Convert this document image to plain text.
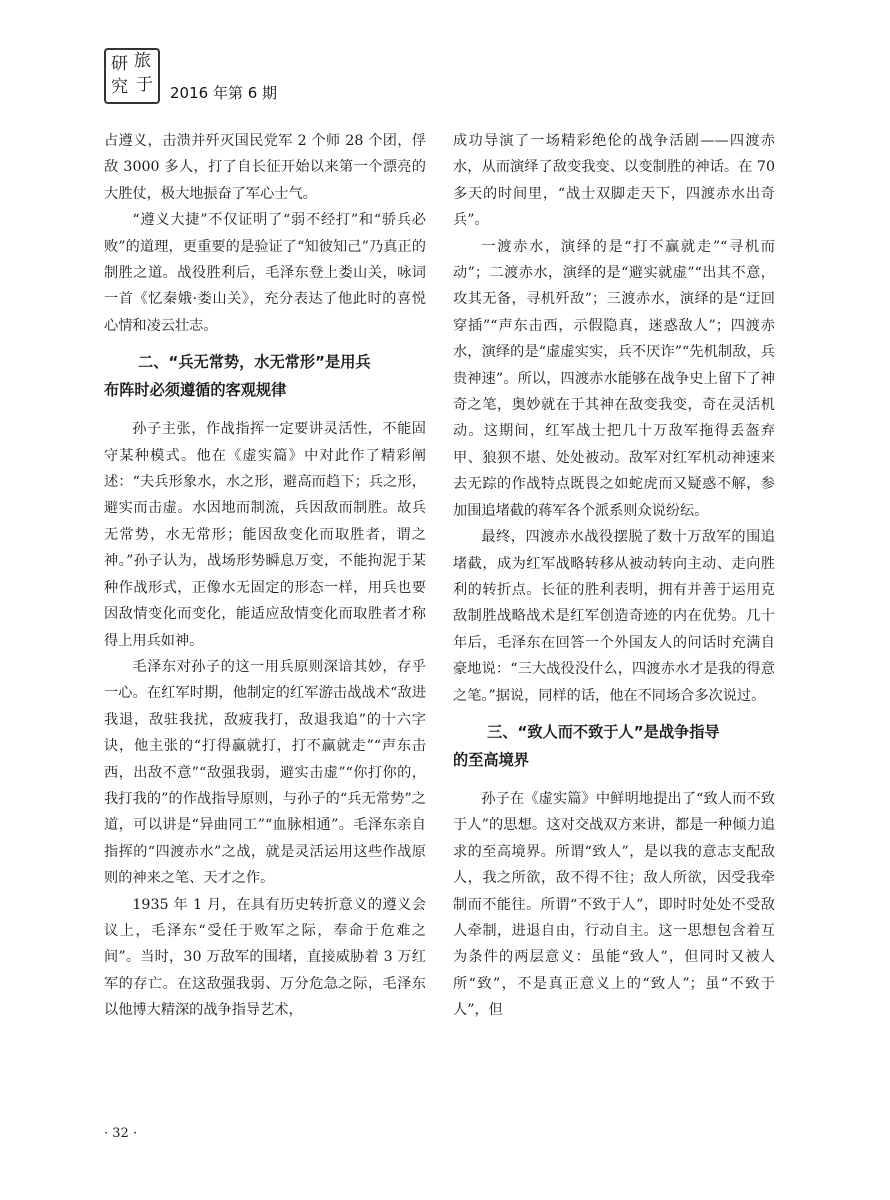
研 旅
究 于 2016 年第 6 期

占遵义，击溃并歼灭国民党军 2 个师 28 个团，俘敌 3000 多人，打了自长征开始以来第一个漂亮的大胜仗，极大地振奋了军心士气。

“遵义大捷”不仅证明了“弱不经打”和“骄兵必败”的道理，更重要的是验证了“知彼知己”乃真正的制胜之道。战役胜利后，毛泽东登上娄山关，咏词一首《忆秦娥·娄山关》，充分表达了他此时的喜悦心情和凌云壮志。

二、“兵无常势，水无常形”是用兵
布阵时必须遵循的客观规律

孙子主张，作战指挥一定要讲灵活性，不能固守某种模式。他在《虚实篇》中对此作了精彩阐述：“夫兵形象水，水之形，避高而趋下；兵之形，避实而击虚。水因地而制流，兵因敌而制胜。故兵无常势，水无常形；能因敌变化而取胜者，谓之神。”孙子认为，战场形势瞬息万变，不能拘泥于某种作战形式，正像水无固定的形态一样，用兵也要因敌情变化而变化，能适应敌情变化而取胜者才称得上用兵如神。

毛泽东对孙子的这一用兵原则深谙其妙，存乎一心。在红军时期，他制定的红军游击战战术“敌进我退，敌驻我扰，敌疲我打，敌退我追”的十六字诀，他主张的“打得赢就打，打不赢就走”“声东击西，出敌不意”“敌强我弱，避实击虚”“你打你的，我打我的”的作战指导原则，与孙子的“兵无常势”之道，可以讲是“异曲同工”“血脉相通”。毛泽东亲自指挥的“四渡赤水”之战，就是灵活运用这些作战原则的神来之笔、天才之作。

1935 年 1 月，在具有历史转折意义的遵义会议上，毛泽东“受任于败军之际，奉命于危难之间”。当时，30 万敌军的围堵，直接威胁着 3 万红军的存亡。在这敌强我弱、万分危急之际，毛泽东以他博大精深的战争指导艺术，

成功导演了一场精彩绝伦的战争活剧——四渡赤水，从而演绎了敌变我变、以变制胜的神话。在 70 多天的时间里，“战士双脚走天下，四渡赤水出奇兵”。

一渡赤水，演绎的是“打不赢就走”“寻机而动”；二渡赤水，演绎的是“避实就虚”“出其不意，攻其无备，寻机歼敌”；三渡赤水，演绎的是“迂回穿插”“声东击西，示假隐真，迷惑敌人”；四渡赤水，演绎的是“虚虚实实，兵不厌诈”“先机制敌，兵贵神速”。所以，四渡赤水能够在战争史上留下了神奇之笔，奥妙就在于其神在敌变我变，奇在灵活机动。这期间，红军战士把几十万敌军拖得丢盔弃甲、狼狈不堪、处处被动。敌军对红军机动神速来去无踪的作战特点既畏之如蛇虎而又疑惑不解，参加围追堵截的蒋军各个派系则众说纷纭。

最终，四渡赤水战役摆脱了数十万敌军的围追堵截，成为红军战略转移从被动转向主动、走向胜利的转折点。长征的胜利表明，拥有并善于运用克敌制胜战略战术是红军创造奇迹的内在优势。几十年后，毛泽东在回答一个外国友人的问话时充满自豪地说：“三大战役没什么，四渡赤水才是我的得意之笔。”据说，同样的话，他在不同场合多次说过。

三、“致人而不致于人”是战争指导
的至高境界

孙子在《虚实篇》中鲜明地提出了“致人而不致于人”的思想。这对交战双方来讲，都是一种倾力追求的至高境界。所谓“致人”，是以我的意志支配敌人，我之所欲，敌不得不往；敌人所欲，因受我牵制而不能往。所谓“不致于人”，即时时处处不受敌人牵制，进退自由，行动自主。这一思想包含着互为条件的两层意义：虽能“致人”，但同时又被人所“致”，不是真正意义上的“致人”；虽“不致于人”，但

· 32 ·
